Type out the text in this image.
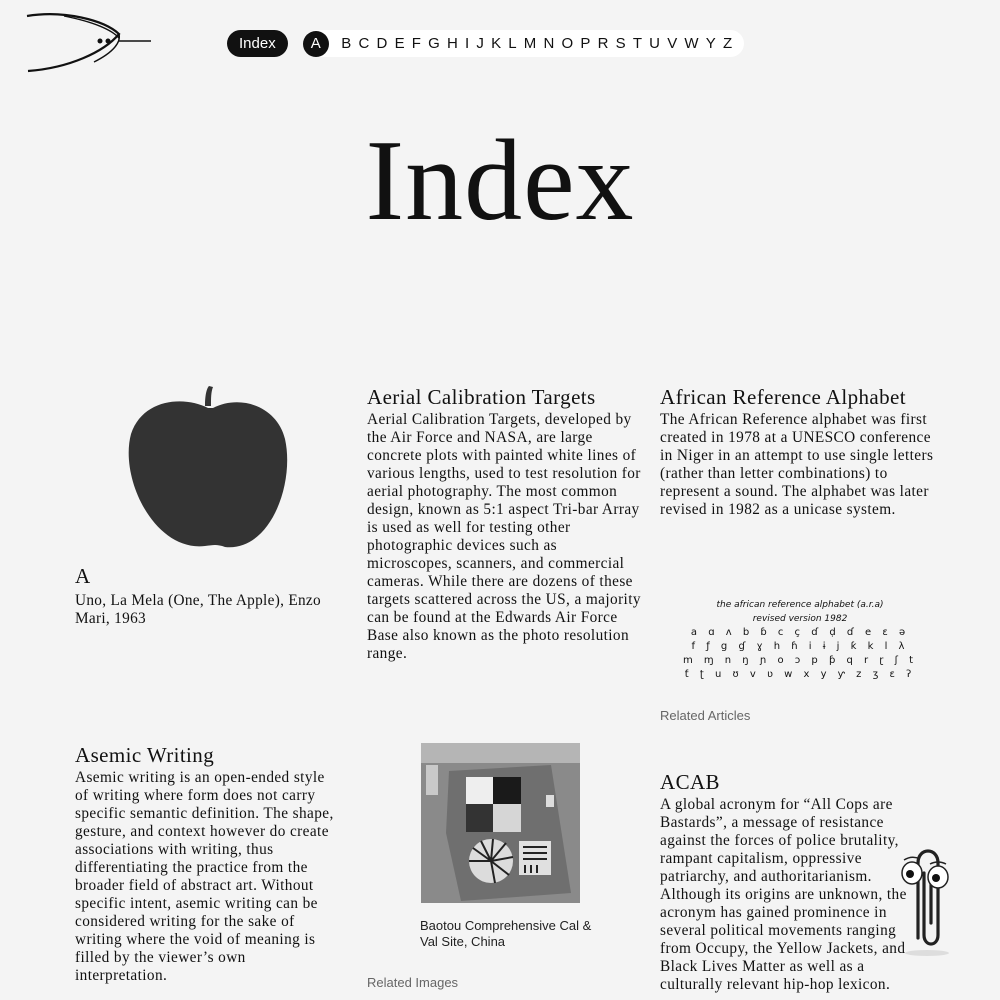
Index	A	B C D E F G H I J K L M N O P R S T U V W Y Z
Index
A
Uno, La Mela (One, The Apple), Enzo Mari, 1963
Aerial Calibration Targets

Aerial Calibration Targets, developed by the Air Force and NASA, are large concrete plots with painted white lines of various lengths, used to test resolution for aerial photography. The most common design, known as 5:1 aspect Tri-bar Array is used as well for testing other photographic devices such as microscopes, scanners, and commercial cameras. While there are dozens of these targets scattered across the US, a majority can be found at the Edwards Air Force Base also known as the photo resolution range.

Baotou Comprehensive Cal & Val Site, China
Related Images
African Reference Alphabet

The African Reference alphabet was first created in 1978 at a UNESCO conference in Niger in an attempt to use single letters (rather than letter combinations) to represent a sound. The alphabet was later revised in 1982 as a unicase system.

the african reference alphabet (a.r.a)
revised version 1982
a ɑ ʌ b ɓ c ç ɗ ḍ ɗ e ɛ ə
f ƒ g ɠ ɣ h ɦ i ɨ j ƙ k l λ
m ɱ n ŋ ɲ o ɔ p ƥ q r ɽ ʃ t
ƭ ʈ u ʊ v ʋ w x y ƴ z ʒ ɛ ʔ
Related Articles
Asemic Writing

Asemic writing is an open-ended style of writing where form does not carry specific semantic definition. The shape, gesture, and context however do create associations with writing, thus differentiating the practice from the broader field of abstract art. Without specific intent, asemic writing can be considered writing for the sake of writing where the void of meaning is filled by the viewer’s own interpretation.

ACAB

A global acronym for “All Cops are Bastards”, a message of resistance against the forces of police brutality, rampant capitalism, oppressive patriarchy, and authoritarianism. Although its origins are unknown, the acronym has gained prominence in several political movements ranging from Occupy, the Yellow Jackets, and Black Lives Matter as well as a culturally relevant hip-hop lexicon.
